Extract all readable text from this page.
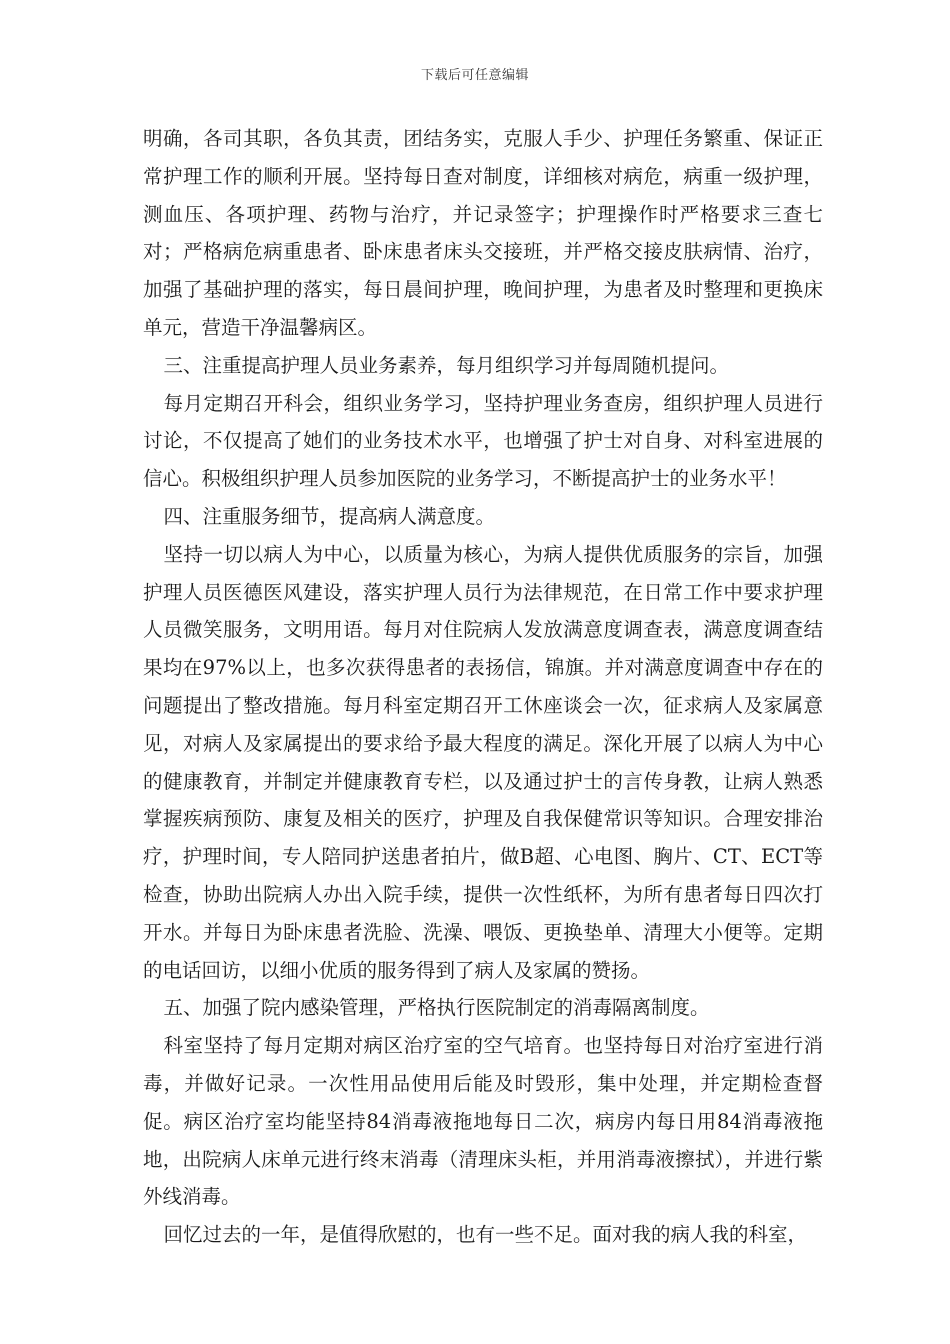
下载后可任意编辑

明确，各司其职，各负其责，团结务实，克服人手少、护理任务繁重、保证正常护理工作的顺利开展。坚持每日查对制度，详细核对病危，病重一级护理，测血压、各项护理、药物与治疗，并记录签字；护理操作时严格要求三查七对；严格病危病重患者、卧床患者床头交接班，并严格交接皮肤病情、治疗，加强了基础护理的落实，每日晨间护理，晚间护理，为患者及时整理和更换床单元，营造干净温馨病区。

三、注重提高护理人员业务素养，每月组织学习并每周随机提问。

每月定期召开科会，组织业务学习，坚持护理业务查房，组织护理人员进行讨论，不仅提高了她们的业务技术水平，也增强了护士对自身、对科室进展的信心。积极组织护理人员参加医院的业务学习，不断提高护士的业务水平！

四、注重服务细节，提高病人满意度。

坚持一切以病人为中心，以质量为核心，为病人提供优质服务的宗旨，加强护理人员医德医风建设，落实护理人员行为法律规范，在日常工作中要求护理人员微笑服务，文明用语。每月对住院病人发放满意度调查表，满意度调查结果均在97%以上，也多次获得患者的表扬信，锦旗。并对满意度调查中存在的问题提出了整改措施。每月科室定期召开工休座谈会一次，征求病人及家属意见，对病人及家属提出的要求给予最大程度的满足。深化开展了以病人为中心的健康教育，并制定并健康教育专栏，以及通过护士的言传身教，让病人熟悉掌握疾病预防、康复及相关的医疗，护理及自我保健常识等知识。合理安排治疗，护理时间，专人陪同护送患者拍片，做B超、心电图、胸片、CT、ECT等检查，协助出院病人办出入院手续，提供一次性纸杯，为所有患者每日四次打开水。并每日为卧床患者洗脸、洗澡、喂饭、更换垫单、清理大小便等。定期的电话回访，以细小优质的服务得到了病人及家属的赞扬。

五、加强了院内感染管理，严格执行医院制定的消毒隔离制度。

科室坚持了每月定期对病区治疗室的空气培育。也坚持每日对治疗室进行消毒，并做好记录。一次性用品使用后能及时毁形，集中处理，并定期检查督促。病区治疗室均能坚持84消毒液拖地每日二次，病房内每日用84消毒液拖地，出院病人床单元进行终末消毒（清理床头柜，并用消毒液擦拭），并进行紫外线消毒。

回忆过去的一年，是值得欣慰的，也有一些不足。面对我的病人我的科室，
